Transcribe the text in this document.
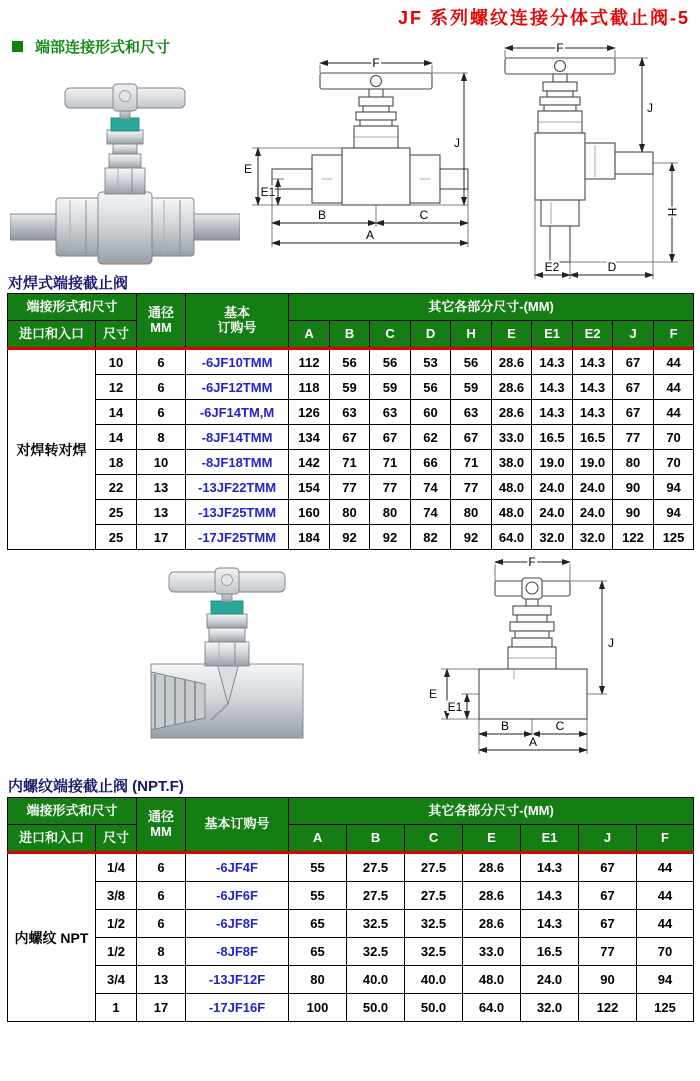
JF 系列螺纹连接分体式截止阀-5
端部连接形式和尺寸
F
J
E
E1
B	C
A
F
J
H
E2	D
对焊式端接截止阀
端接形式和尺寸		通径
MM	基本
订购号	其它各部分尺寸-(MM)									
进口和入口	尺寸			A	B	C	D	H	E	E1	E2	J	F
对焊转对焊	10	6	-6JF10TMM	112	56	56	53	56	28.6	14.3	14.3	67	44
	12	6	-6JF12TMM	118	59	59	56	59	28.6	14.3	14.3	67	44
	14	6	-6JF14TM,M	126	63	63	60	63	28.6	14.3	14.3	67	44
	14	8	-8JF14TMM	134	67	67	62	67	33.0	16.5	16.5	77	70
	18	10	-8JF18TMM	142	71	71	66	71	38.0	19.0	19.0	80	70
	22	13	-13JF22TMM	154	77	77	74	77	48.0	24.0	24.0	90	94
	25	13	-13JF25TMM	160	80	80	74	80	48.0	24.0	24.0	90	94
	25	17	-17JF25TMM	184	92	92	82	92	64.0	32.0	32.0	122	125
F
J
E
E1
B	C
A
内螺纹端接截止阀 (NPT.F)
端接形式和尺寸		通径
MM	基本订购号	其它各部分尺寸-(MM)						
进口和入口	尺寸			A	B	C	E	E1	J	F
内螺纹 NPT	1/4	6	-6JF4F	55	27.5	27.5	28.6	14.3	67	44
	3/8	6	-6JF6F	55	27.5	27.5	28.6	14.3	67	44
	1/2	6	-6JF8F	65	32.5	32.5	28.6	14.3	67	44
	1/2	8	-8JF8F	65	32.5	32.5	33.0	16.5	77	70
	3/4	13	-13JF12F	80	40.0	40.0	48.0	24.0	90	94
	1	17	-17JF16F	100	50.0	50.0	64.0	32.0	122	125
